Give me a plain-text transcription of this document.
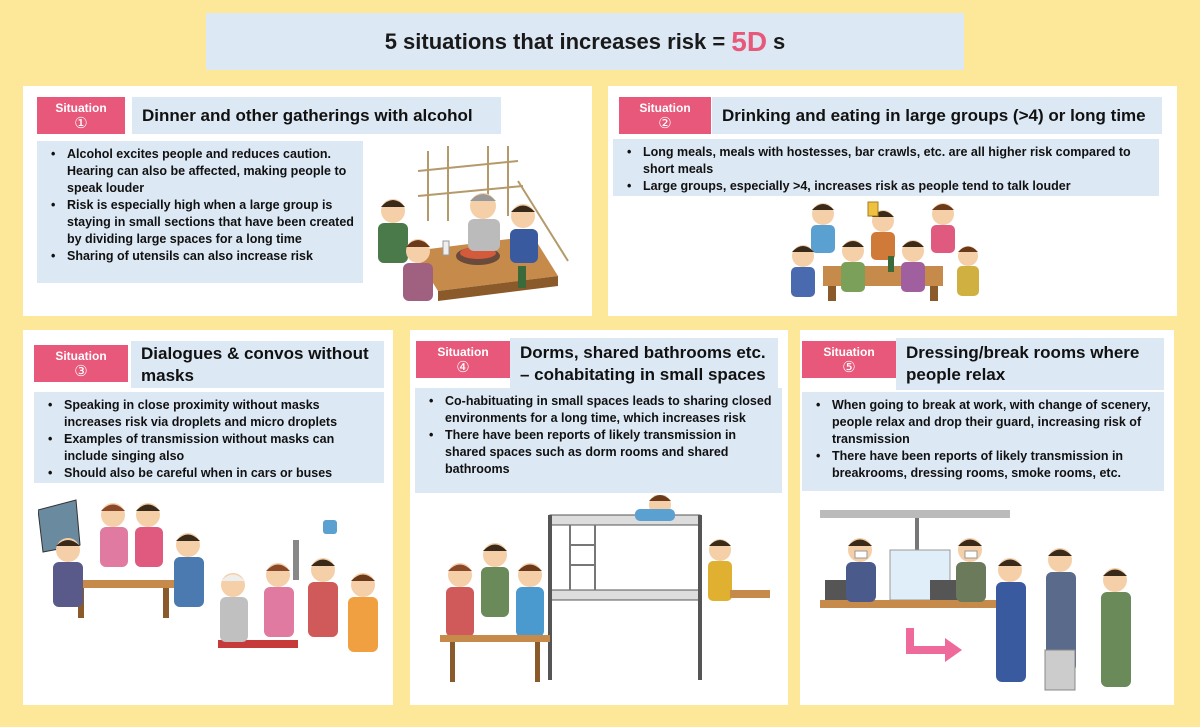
5 situations that increases risk = 5D s
Situation
①	Dinner and other gatherings with alcohol
• Alcohol excites people and reduces caution. Hearing can also be affected, making people to speak louder
• Risk is especially high when a large group is staying in small sections that have been created by dividing large spaces for a long time
• Sharing of utensils can also increase risk
Situation
②	Drinking and eating in large groups (>4) or long time
• Long meals, meals with hostesses, bar crawls, etc. are all higher risk compared to short meals
• Large groups, especially >4, increases risk as people tend to talk louder
Situation
③
Dialogues & convos without masks
• Speaking in close proximity without masks increases risk via droplets and micro droplets
• Examples of transmission without masks can include singing also
• Should also be careful when in cars or buses
Situation
④
Dorms, shared bathrooms etc. – cohabitating in small spaces
• Co-habituating in small spaces leads to sharing closed environments for a long time, which increases risk
• There have been reports of likely transmission in shared spaces such as dorm rooms and shared bathrooms
Situation
⑤
Dressing/break rooms where people relax
• When going to break at work, with change of scenery, people relax and drop their guard, increasing risk of transmission
• There have been reports of likely transmission in breakrooms, dressing rooms, smoke rooms, etc.
